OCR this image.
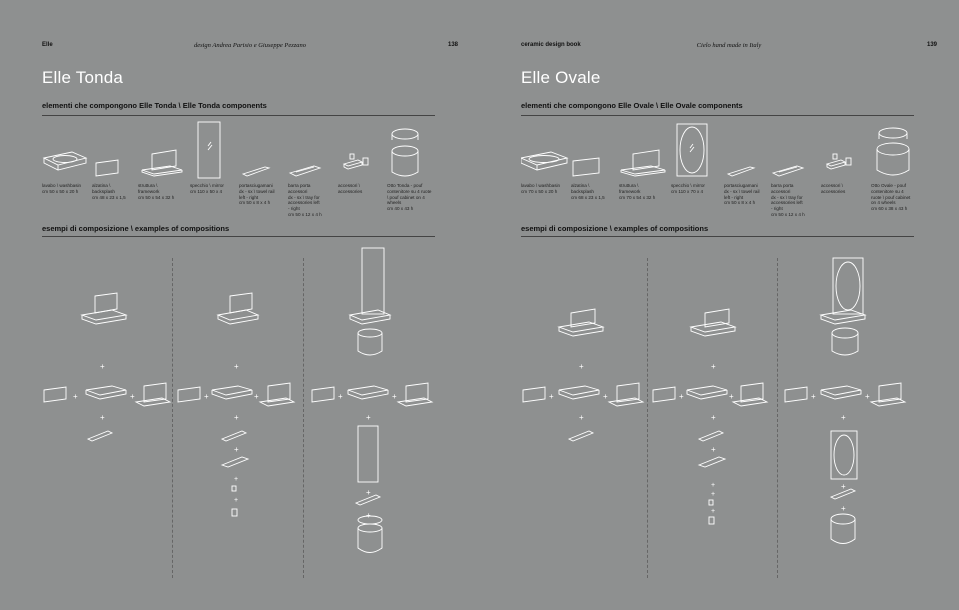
Elle	design Andrea Parisio e Giuseppe Pezzano	138
Elle Tonda
elementi che compongono Elle Tonda \ Elle Tonda components
lavabo \ washbasin
cm 50 x 50 x 20 h
alzatina \
backsplash
cm 48 x 23 x 1,5
struttura \
framework
cm 50 x 54 x 32 h
specchio \ mirror
cm 110 x 50 x 4
portasciugamani
dx - sx \ towel rail
left - right
cm 50 x 8 x 4 h
barra porta
accessori
dx - sx \ tray for
accessories left
- right
cm 50 x 12 x 4 h
accessori \
accessories
Otto Tonda - pouf
contenitore su 4 ruote
\ pouf cabinet on 4
wheels
cm 40 x 43 h
esempi di composizione \ examples of compositions
+
+	+
+
+
+	+
+
+
+
+
+	+
+
+
+
ceramic design book	Cielo hand made in Italy	139
Elle Ovale
elementi che compongono Elle Ovale \ Elle Ovale components
lavabo \ washbasin
cm 70 x 50 x 20 h
alzatina \
backsplash
cm 68 x 23 x 1,5
struttura \
framework
cm 70 x 54 x 32 h
specchio \ mirror
cm 110 x 70 x 4
portasciugamani
dx - sx \ towel rail
left - right
cm 50 x 8 x 4 h
barra porta
accessori
dx - sx \ tray for
accessories left
- right
cm 50 x 12 x 4 h
accessori \
accessories
Otto Ovale - pouf
contenitore su 4
ruote \ pouf cabinet
on 4 wheels
cm 60 x 38 x 43 h
esempi di composizione \ examples of compositions
+
+	+
+
+
+	+
+
+
+
+
+
+	+
+
+
+
